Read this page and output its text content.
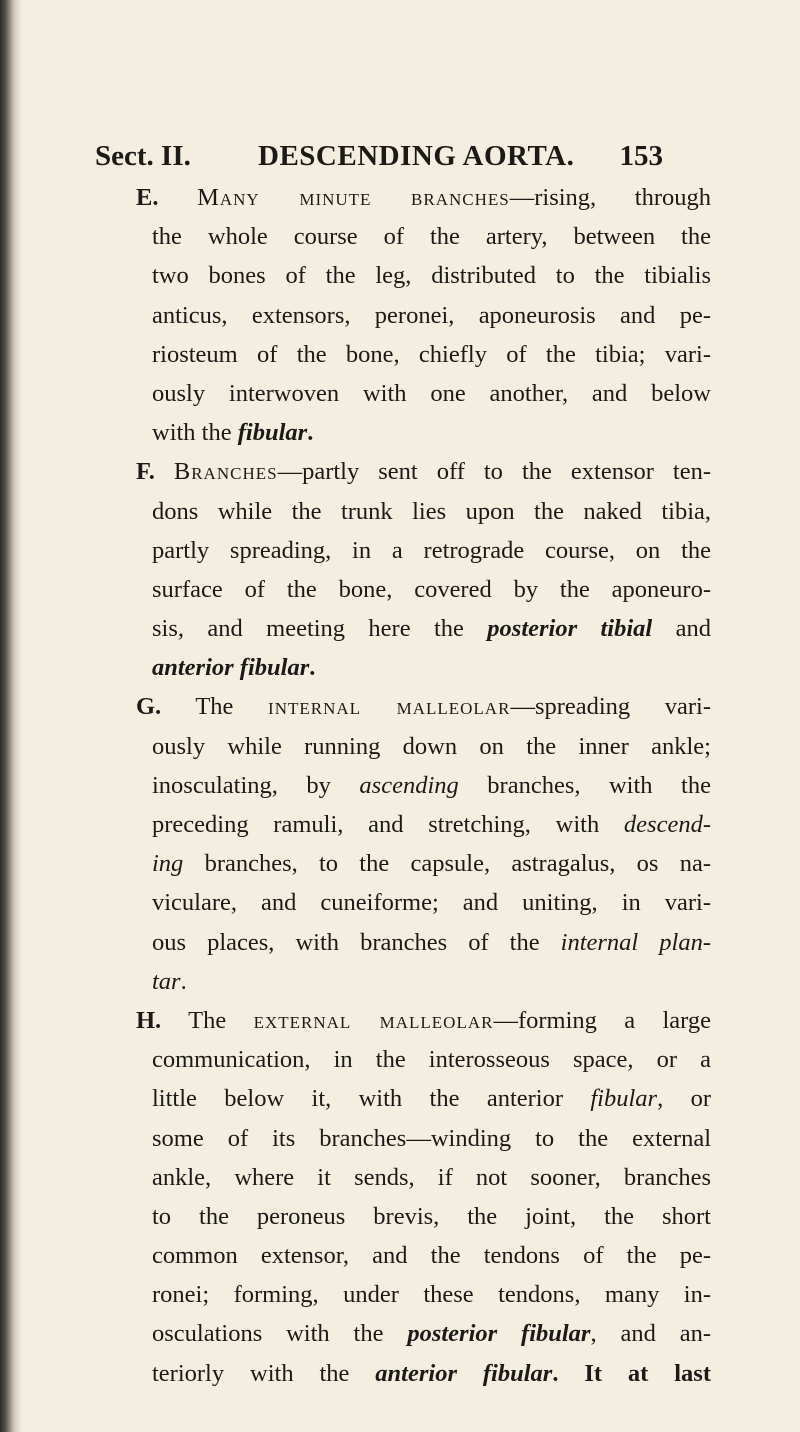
Sect. II. DESCENDING AORTA. 153
E. Many minute branches—rising, through
the whole course of the artery, between the
two bones of the leg, distributed to the tibialis
anticus, extensors, peronei, aponeurosis and pe-
riosteum of the bone, chiefly of the tibia; vari-
ously interwoven with one another, and below
with the fibular.
F. Branches—partly sent off to the extensor ten-
dons while the trunk lies upon the naked tibia,
partly spreading, in a retrograde course, on the
surface of the bone, covered by the aponeuro-
sis, and meeting here the posterior tibial and
anterior fibular.
G. The internal malleolar—spreading vari-
ously while running down on the inner ankle;
inosculating, by ascending branches, with the
preceding ramuli, and stretching, with descend-
ing branches, to the capsule, astragalus, os na-
viculare, and cuneiforme; and uniting, in vari-
ous places, with branches of the internal plan-
tar.
H. The external malleolar—forming a large
communication, in the interosseous space, or a
little below it, with the anterior fibular, or
some of its branches—winding to the external
ankle, where it sends, if not sooner, branches
to the peroneus brevis, the joint, the short
common extensor, and the tendons of the pe-
ronei; forming, under these tendons, many in-
osculations with the posterior fibular, and an-
teriorly with the anterior fibular. It at last
